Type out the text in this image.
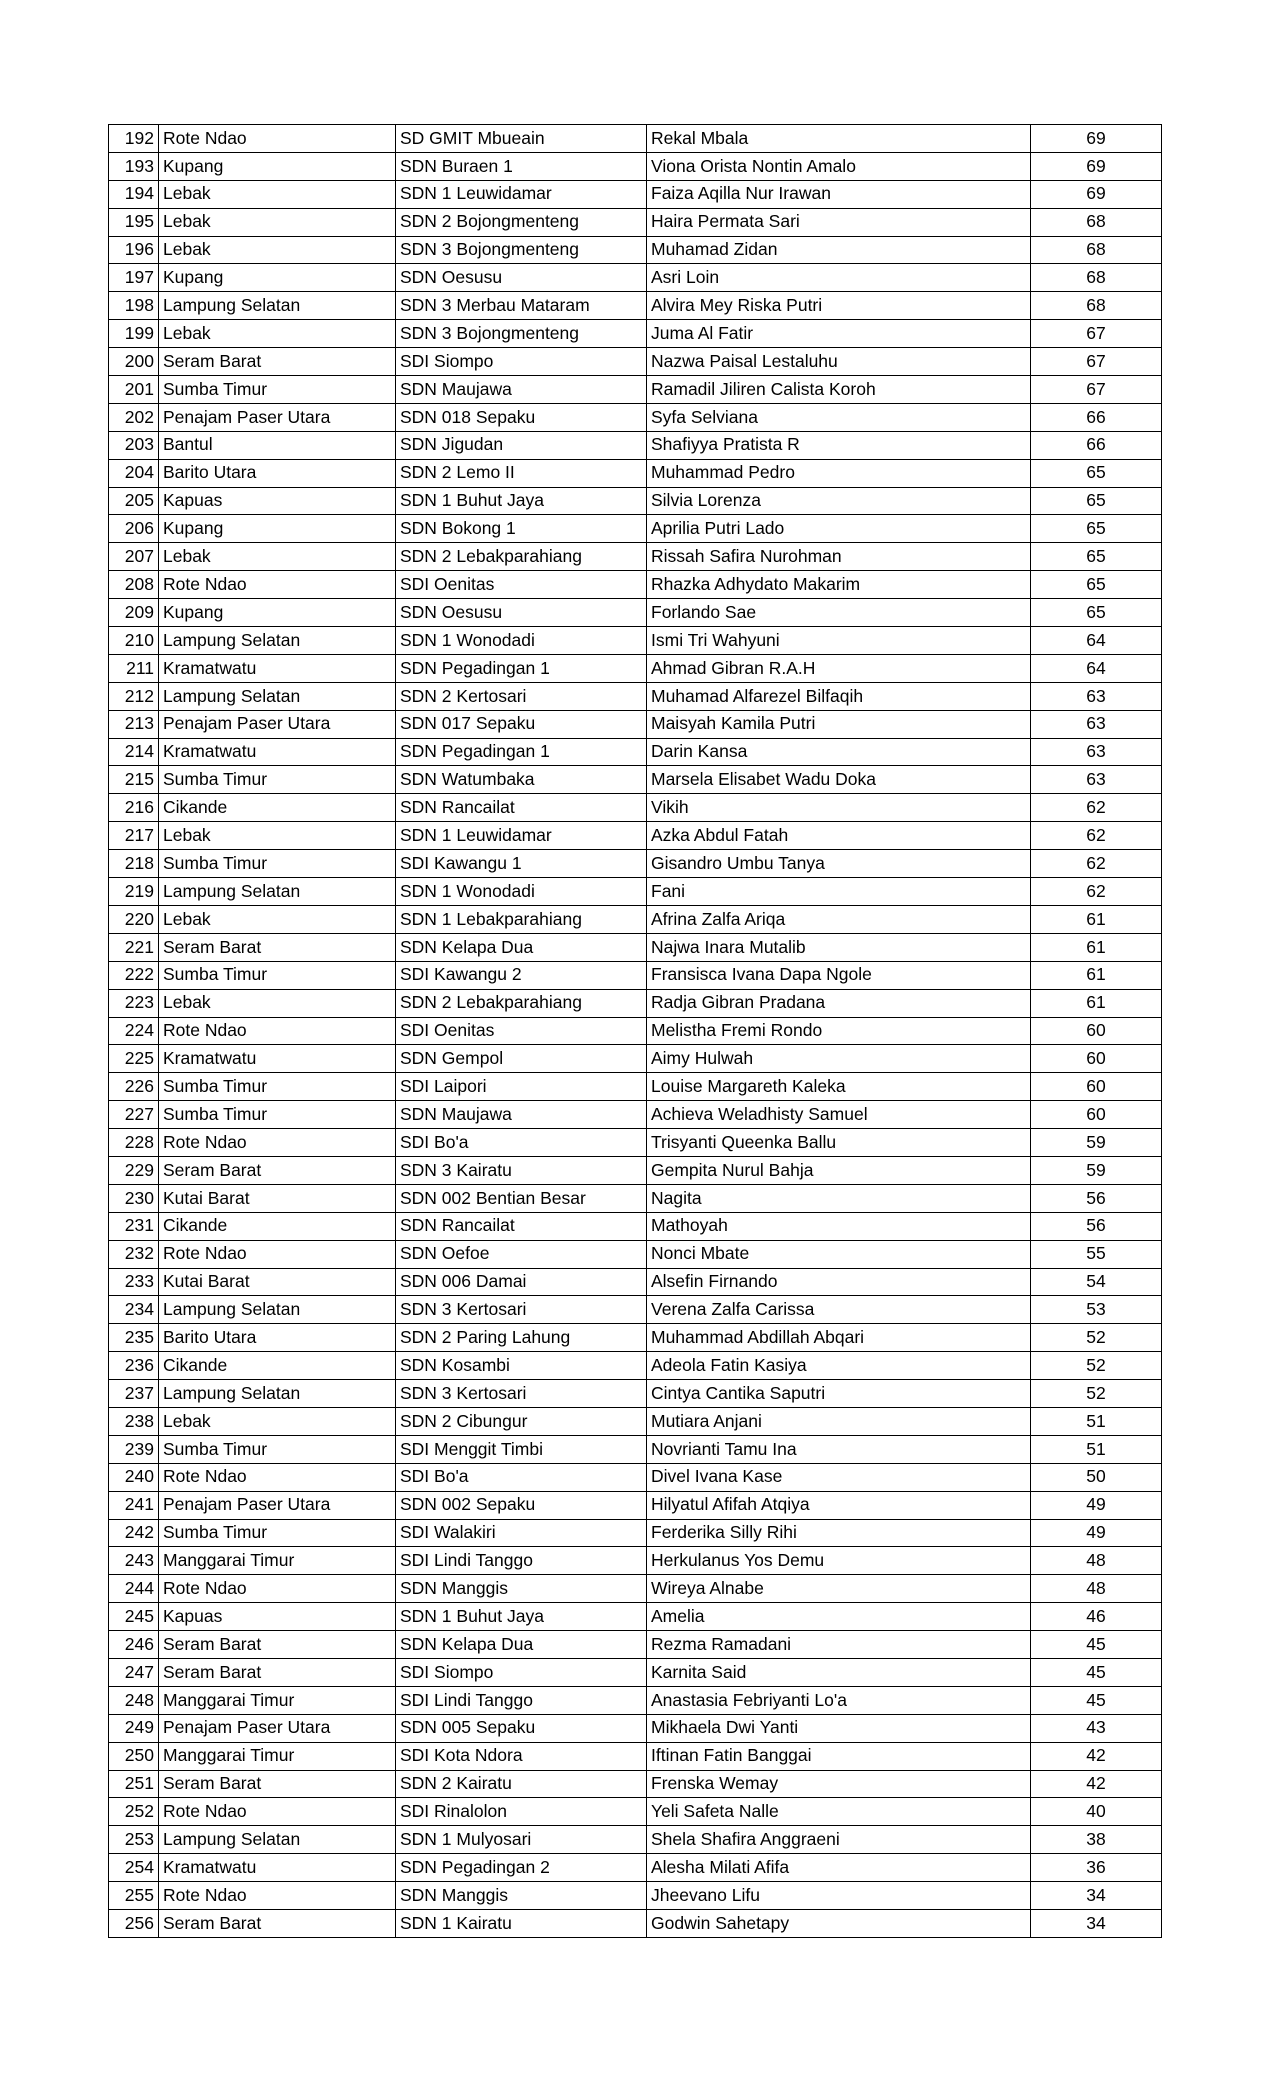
192	Rote Ndao	SD GMIT Mbueain	Rekal Mbala	69
193	Kupang	SDN Buraen 1	Viona Orista Nontin Amalo	69
194	Lebak	SDN 1 Leuwidamar	Faiza Aqilla Nur Irawan	69
195	Lebak	SDN 2 Bojongmenteng	Haira Permata Sari	68
196	Lebak	SDN 3 Bojongmenteng	Muhamad Zidan	68
197	Kupang	SDN Oesusu	Asri Loin	68
198	Lampung Selatan	SDN 3 Merbau Mataram	Alvira Mey Riska Putri	68
199	Lebak	SDN 3 Bojongmenteng	Juma Al Fatir	67
200	Seram Barat	SDI Siompo	Nazwa Paisal Lestaluhu	67
201	Sumba Timur	SDN Maujawa	Ramadil Jiliren Calista Koroh	67
202	Penajam Paser Utara	SDN 018 Sepaku	Syfa Selviana	66
203	Bantul	SDN Jigudan	Shafiyya Pratista R	66
204	Barito Utara	SDN 2 Lemo II	Muhammad Pedro	65
205	Kapuas	SDN 1 Buhut Jaya	Silvia Lorenza	65
206	Kupang	SDN Bokong 1	Aprilia Putri Lado	65
207	Lebak	SDN 2 Lebakparahiang	Rissah Safira Nurohman	65
208	Rote Ndao	SDI Oenitas	Rhazka Adhydato Makarim	65
209	Kupang	SDN Oesusu	Forlando Sae	65
210	Lampung Selatan	SDN 1 Wonodadi	Ismi Tri Wahyuni	64
211	Kramatwatu	SDN Pegadingan 1	Ahmad Gibran R.A.H	64
212	Lampung Selatan	SDN 2 Kertosari	Muhamad Alfarezel Bilfaqih	63
213	Penajam Paser Utara	SDN 017 Sepaku	Maisyah Kamila Putri	63
214	Kramatwatu	SDN Pegadingan 1	Darin Kansa	63
215	Sumba Timur	SDN Watumbaka	Marsela Elisabet Wadu Doka	63
216	Cikande	SDN Rancailat	Vikih	62
217	Lebak	SDN 1 Leuwidamar	Azka Abdul Fatah	62
218	Sumba Timur	SDI Kawangu 1	Gisandro Umbu Tanya	62
219	Lampung Selatan	SDN 1 Wonodadi	Fani	62
220	Lebak	SDN 1 Lebakparahiang	Afrina Zalfa Ariqa	61
221	Seram Barat	SDN Kelapa Dua	Najwa Inara Mutalib	61
222	Sumba Timur	SDI Kawangu 2	Fransisca Ivana Dapa Ngole	61
223	Lebak	SDN 2 Lebakparahiang	Radja Gibran Pradana	61
224	Rote Ndao	SDI Oenitas	Melistha Fremi Rondo	60
225	Kramatwatu	SDN Gempol	Aimy Hulwah	60
226	Sumba Timur	SDI Laipori	Louise Margareth Kaleka	60
227	Sumba Timur	SDN Maujawa	Achieva Weladhisty Samuel	60
228	Rote Ndao	SDI Bo'a	Trisyanti Queenka Ballu	59
229	Seram Barat	SDN 3 Kairatu	Gempita Nurul Bahja	59
230	Kutai Barat	SDN 002 Bentian Besar	Nagita	56
231	Cikande	SDN Rancailat	Mathoyah	56
232	Rote Ndao	SDN Oefoe	Nonci Mbate	55
233	Kutai Barat	SDN 006 Damai	Alsefin Firnando	54
234	Lampung Selatan	SDN 3 Kertosari	Verena Zalfa Carissa	53
235	Barito Utara	SDN 2 Paring Lahung	Muhammad Abdillah Abqari	52
236	Cikande	SDN Kosambi	Adeola Fatin Kasiya	52
237	Lampung Selatan	SDN 3 Kertosari	Cintya Cantika Saputri	52
238	Lebak	SDN 2 Cibungur	Mutiara Anjani	51
239	Sumba Timur	SDI Menggit Timbi	Novrianti Tamu Ina	51
240	Rote Ndao	SDI Bo'a	Divel Ivana Kase	50
241	Penajam Paser Utara	SDN 002 Sepaku	Hilyatul Afifah Atqiya	49
242	Sumba Timur	SDI Walakiri	Ferderika Silly Rihi	49
243	Manggarai Timur	SDI Lindi Tanggo	Herkulanus Yos Demu	48
244	Rote Ndao	SDN Manggis	Wireya Alnabe	48
245	Kapuas	SDN 1 Buhut Jaya	Amelia	46
246	Seram Barat	SDN Kelapa Dua	Rezma Ramadani	45
247	Seram Barat	SDI Siompo	Karnita Said	45
248	Manggarai Timur	SDI Lindi Tanggo	Anastasia Febriyanti Lo'a	45
249	Penajam Paser Utara	SDN 005 Sepaku	Mikhaela Dwi Yanti	43
250	Manggarai Timur	SDI Kota Ndora	Iftinan Fatin Banggai	42
251	Seram Barat	SDN 2 Kairatu	Frenska Wemay	42
252	Rote Ndao	SDI Rinalolon	Yeli Safeta Nalle	40
253	Lampung Selatan	SDN 1 Mulyosari	Shela Shafira Anggraeni	38
254	Kramatwatu	SDN Pegadingan 2	Alesha Milati Afifa	36
255	Rote Ndao	SDN Manggis	Jheevano Lifu	34
256	Seram Barat	SDN 1 Kairatu	Godwin Sahetapy	34
